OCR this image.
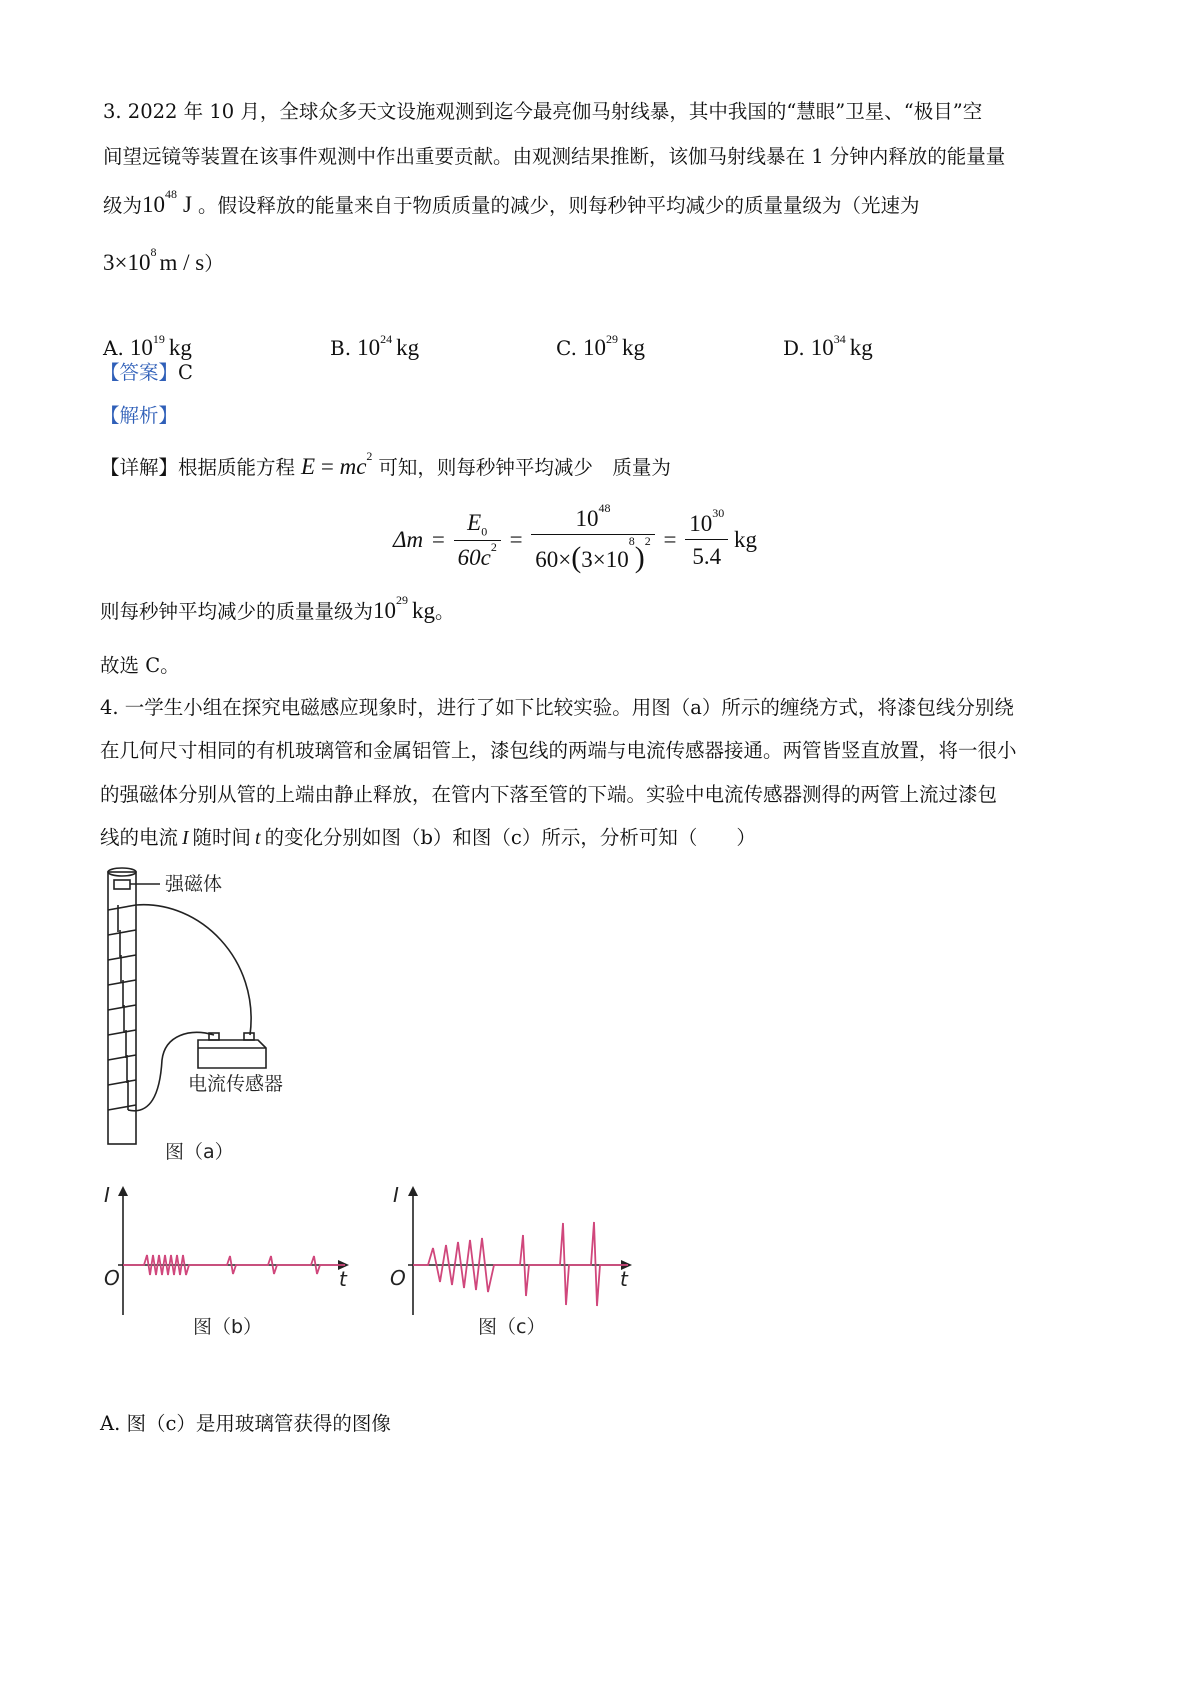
3. 2022 年 10 月，全球众多天文设施观测到迄今最亮伽马射线暴，其中我国的“慧眼”卫星、“极目”空
间望远镜等装置在该事件观测中作出重要贡献。由观测结果推断，该伽马射线暴在 1 分钟内释放的能量量
级为$10^{48}$ J 。假设释放的能量来自于物质质量的减少，则每秒钟平均减少的质量量级为（光速为
$3\times 10^8$ m / s）
A. $10^{19}$ kg	B. $10^{24}$ kg	C. $10^{29}$ kg	D. $10^{34}$ kg
【答案】C
【解析】
【详解】根据质能方程 $E = mc^2$ 可知，则每秒钟平均减少　质量为
$\Delta m = \frac{E_0}{60c^2} = \frac{10^{48}}{60\times(3\times 10^8)^2} = \frac{10^{30}}{5.4}$ kg
则每秒钟平均减少的质量量级为$10^{29}$ kg。
故选 C。
4. 一学生小组在探究电磁感应现象时，进行了如下比较实验。用图（a）所示的缠绕方式，将漆包线分别绕
在几何尺寸相同的有机玻璃管和金属铝管上，漆包线的两端与电流传感器接通。两管皆竖直放置，将一很小
的强磁体分别从管的上端由静止释放，在管内下落至管的下端。实验中电流传感器测得的两管上流过漆包
线的电流 I 随时间 t 的变化分别如图（b）和图（c）所示，分析可知（　　）
强磁体
电流传感器
图（a）
I
O	t
图（b）
I
O	t
图（c）
A. 图（c）是用玻璃管获得的图像
